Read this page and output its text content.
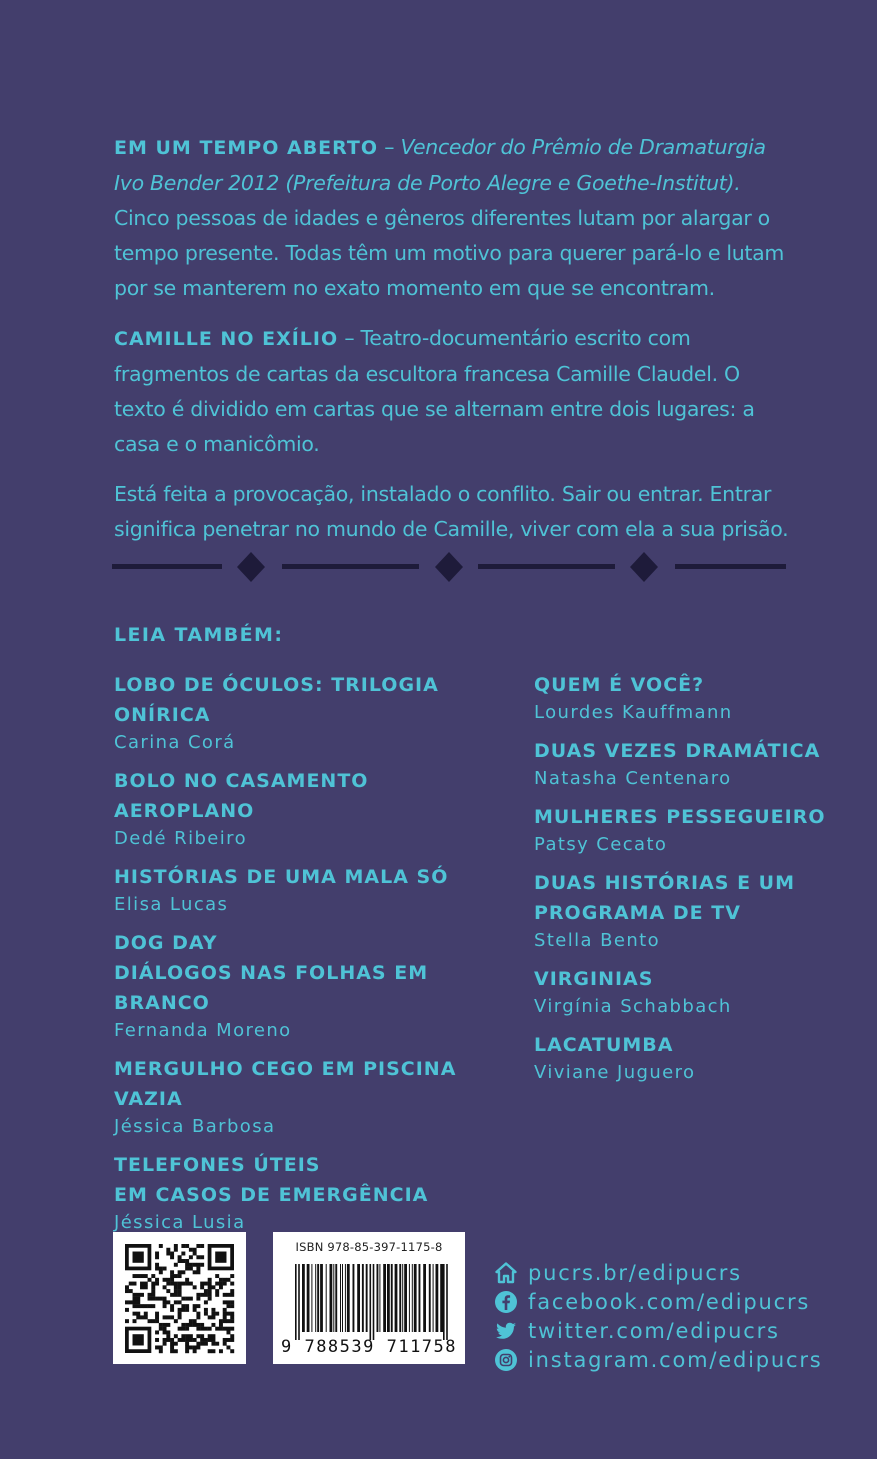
EM UM TEMPO ABERTO – Vencedor do Prêmio de Dramaturgia Ivo Bender 2012 (Prefeitura de Porto Alegre e Goethe-Institut). Cinco pessoas de idades e gêneros diferentes lutam por alargar o tempo presente. Todas têm um motivo para querer pará-lo e lutam por se manterem no exato momento em que se encontram.

CAMILLE NO EXÍLIO – Teatro-documentário escrito com fragmentos de cartas da escultora francesa Camille Claudel. O texto é dividido em cartas que se alternam entre dois lugares: a casa e o manicômio.

Está feita a provocação, instalado o conflito. Sair ou entrar. Entrar significa penetrar no mundo de Camille, viver com ela a sua prisão.

LEIA TAMBÉM:
LOBO DE ÓCULOS: TRILOGIA ONÍRICA
Carina Corá
BOLO NO CASAMENTO
AEROPLANO
Dedé Ribeiro
HISTÓRIAS DE UMA MALA SÓ
Elisa Lucas
DOG DAY
DIÁLOGOS NAS FOLHAS EM BRANCO
Fernanda Moreno
MERGULHO CEGO EM PISCINA VAZIA
Jéssica Barbosa
TELEFONES ÚTEIS
EM CASOS DE EMERGÊNCIA
Jéssica Lusia
QUEM É VOCÊ?
Lourdes Kauffmann
DUAS VEZES DRAMÁTICA
Natasha Centenaro
MULHERES PESSEGUEIRO
Patsy Cecato
DUAS HISTÓRIAS E UM
PROGRAMA DE TV
Stella Bento
VIRGINIAS
Virgínia Schabbach
LACATUMBA
Viviane Juguero
ISBN 978-85-397-1175-8
9 788539 711758
pucrs.br/edipucrs
facebook.com/edipucrs
twitter.com/edipucrs
instagram.com/edipucrs
